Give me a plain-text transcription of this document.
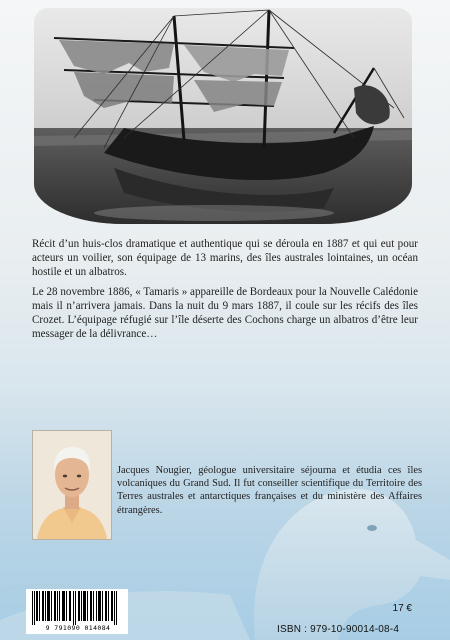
Récit d’un huis-clos dramatique et authentique qui se déroula en 1887 et qui eut pour acteurs un voilier, son équipage de 13 marins, des îles australes lointaines, un océan hostile et un albatros.

Le 28 novembre 1886, « Tamaris » appareille de Bordeaux pour la Nouvelle Calédonie mais il n’arrivera jamais. Dans la nuit du 9 mars 1887, il coule sur les récifs des îles Crozet. L’équipage réfugié sur l’île déserte des Cochons charge un albatros d’être leur messager de la délivrance…

Jacques Nougier, géologue universitaire séjourna et étudia ces îles volcaniques du Grand Sud. Il fut conseiller scientifique du Territoire des Terres australes et antarctiques françaises et du ministère des Affaires étrangères.
9 791090 014084
17 €
ISBN : 979-10-90014-08-4
